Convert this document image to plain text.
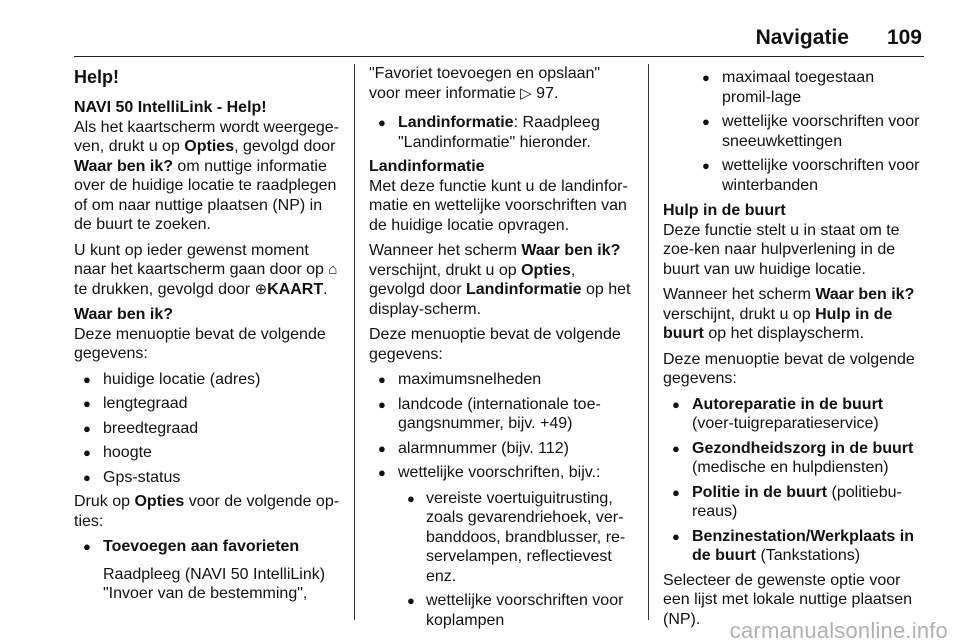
Navigatie 109
Help!
NAVI 50 IntelliLink - Help!

Als het kaartscherm wordt weergege-ven, drukt u op Opties, gevolgd door Waar ben ik? om nuttige informatie over de huidige locatie te raadplegen of om naar nuttige plaatsen (NP) in de buurt te zoeken.

U kunt op ieder gewenst moment naar het kaartscherm gaan door op ⌂ te drukken, gevolgd door ⊕KAART.

Waar ben ik?

Deze menuoptie bevat de volgende gegevens:

● huidige locatie (adres)
● lengtegraad
● breedtegraad
● hoogte
● Gps-status

Druk op Opties voor de volgende op-ties:

● Toevoegen aan favorieten

Raadpleeg (NAVI 50 IntelliLink) "Invoer van de bestemming",

"Favoriet toevoegen en opslaan" voor meer informatie ▷ 97.

● Landinformatie: Raadpleeg "Landinformatie" hieronder.
Landinformatie

Met deze functie kunt u de landinfor-matie en wettelijke voorschriften van de huidige locatie opvragen.

Wanneer het scherm Waar ben ik? verschijnt, drukt u op Opties, gevolgd door Landinformatie op het display-scherm.

Deze menuoptie bevat de volgende gegevens:

● maximumsnelheden
● landcode (internationale toe-gangsnummer, bijv. +49)
● alarmnummer (bijv. 112)
● wettelijke voorschriften, bijv.:
● vereiste voertuiguitrusting, zoals gevarendriehoek, ver-banddoos, brandblusser, re-servelampen, reflectievest enz.
● wettelijke voorschriften voor koplampen
● maximaal toegestaan promil-lage
● wettelijke voorschriften voor sneeuwkettingen
● wettelijke voorschriften voor winterbanden
Hulp in de buurt

Deze functie stelt u in staat om te zoe-ken naar hulpverlening in de buurt van uw huidige locatie.

Wanneer het scherm Waar ben ik? verschijnt, drukt u op Hulp in de buurt op het displayscherm.

Deze menuoptie bevat de volgende gegevens:

● Autoreparatie in de buurt (voer-tuigreparatieservice)
● Gezondheidszorg in de buurt (medische en hulpdiensten)
● Politie in de buurt (politiebu-reaus)
● Benzinestation/Werkplaats in de buurt (Tankstations)

Selecteer de gewenste optie voor een lijst met lokale nuttige plaatsen (NP).	carmanualsonline.info
